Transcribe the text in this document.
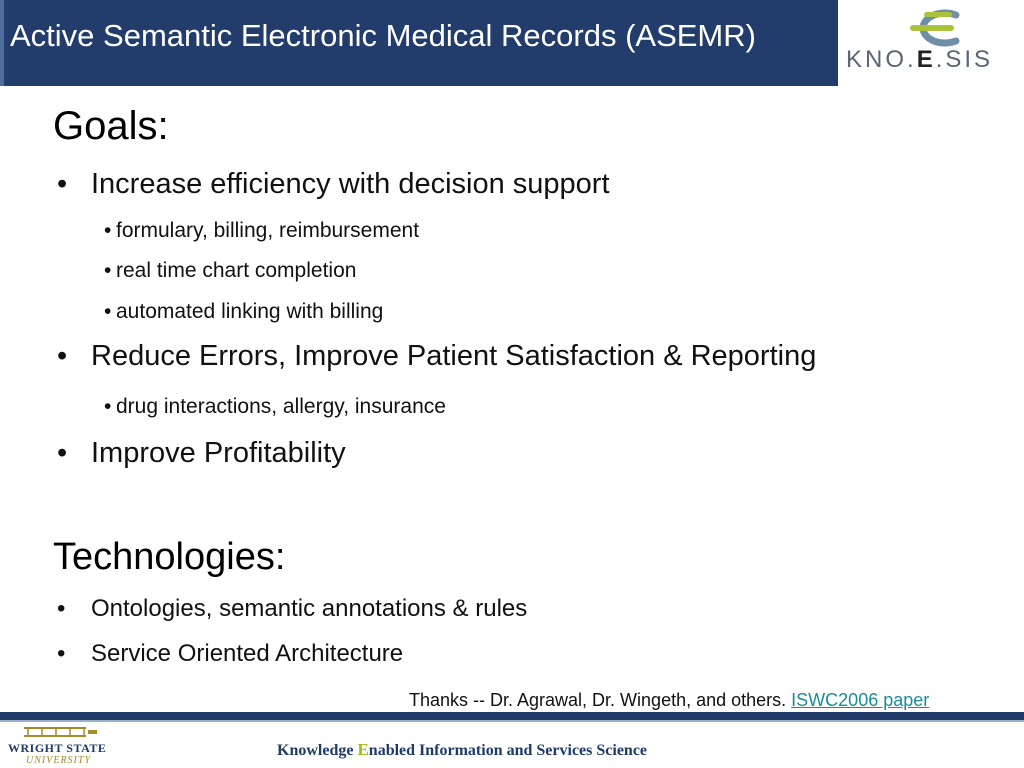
Active Semantic Electronic Medical Records (ASEMR)
KNO.E.SIS
Goals:
• Increase efficiency with decision support
• formulary, billing, reimbursement
• real time chart completion
• automated linking with billing
• Reduce Errors, Improve Patient Satisfaction & Reporting
• drug interactions, allergy, insurance
• Improve Profitability
Technologies:
• Ontologies, semantic annotations & rules
• Service Oriented Architecture
Thanks -- Dr. Agrawal, Dr. Wingeth, and others. ISWC2006 paper
WRIGHT STATE
UNIVERSITY
Knowledge Enabled Information and Services Science
